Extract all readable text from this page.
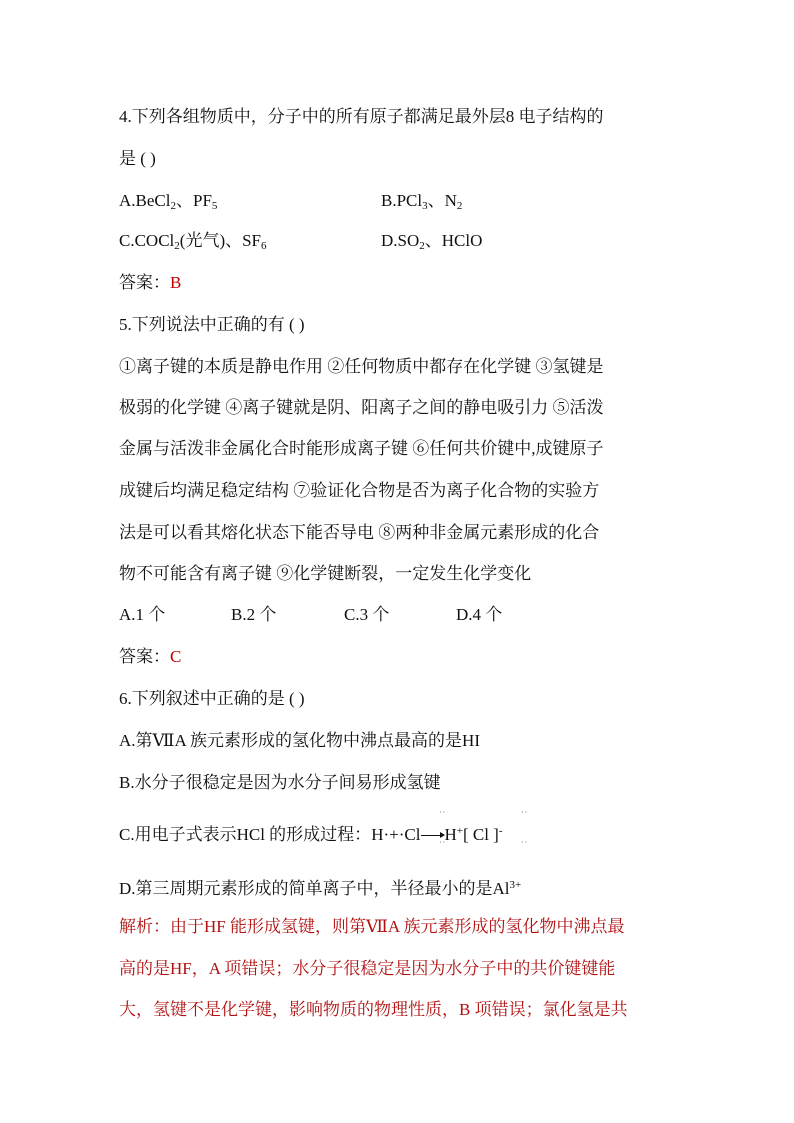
4.下列各组物质中，分子中的所有原子都满足最外层8 电子结构的
是 ( )
A.BeCl$_2$、$PF_5$	B.PCl$_3$、$N_2$
C.COCl$_2$(光气)、$SF_6$	$D.SO_2$、HClO
答案：B
5.下列说法中正确的有 ( )
①离子键的本质是静电作用 ②任何物质中都存在化学键 ③氢键是
极弱的化学键 ④离子键就是阴、阳离子之间的静电吸引力 ⑤活泼
金属与活泼非金属化合时能形成离子键 ⑥任何共价键中,成键原子
成键后均满足稳定结构 ⑦验证化合物是否为离子化合物的实验方
法是可以看其熔化状态下能否导电 ⑧两种非金属元素形成的化合
物不可能含有离子键 ⑨化学键断裂，一定发生化学变化
A.1 个	B.2 个	C.3 个	D.4 个
答案：C
6.下列叙述中正确的是 ( )
A.第ⅦA 族元素形成的氢化物中沸点最高的是HI
B.水分子很稳定是因为水分子间易形成氢键
C.用电子式表示HCl 的形成过程：H·+·Cl→H+[ Cl ]-
··
··
··
··
D.第三周期元素形成的简单离子中，半径最小的是$Al^{3+}$
解析：由于HF 能形成氢键，则第ⅦA 族元素形成的氢化物中沸点最
高的是HF，A 项错误；水分子很稳定是因为水分子中的共价键键能
大，氢键不是化学键，影响物质的物理性质，B 项错误；氯化氢是共
